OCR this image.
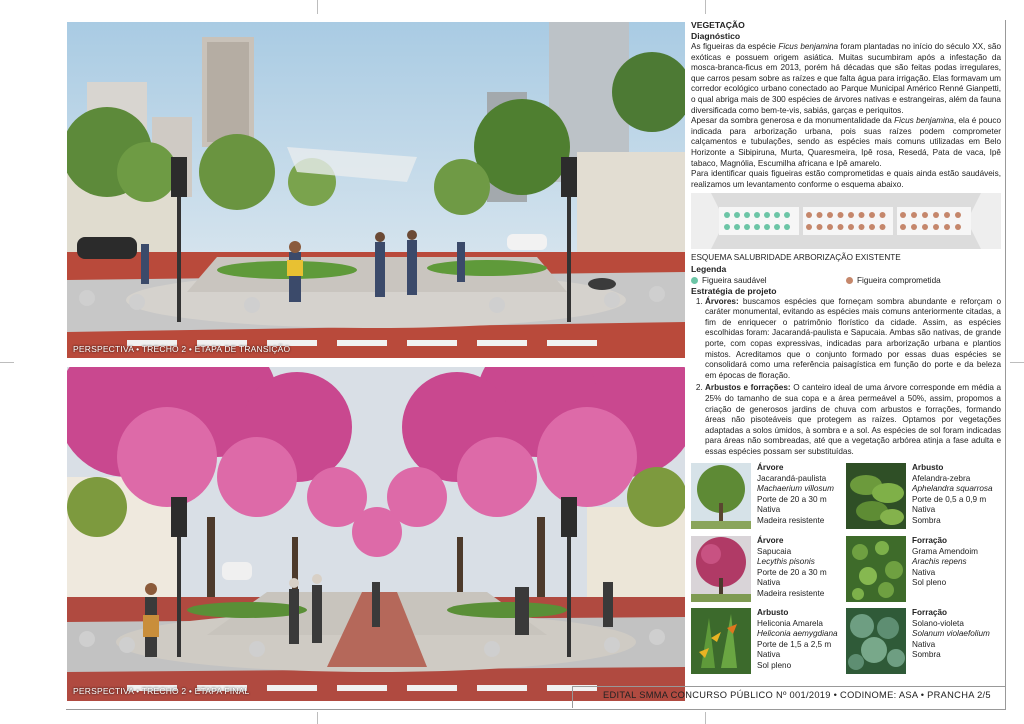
PERSPECTIVA • TRECHO 2 • ETAPA DE TRANSIÇÃO
PERSPECTIVA • TRECHO 2 • ETAPA FINAL
VEGETAÇÃO
Diagnóstico

As figueiras da espécie Ficus benjamina foram plantadas no início do século XX, são exóticas e possuem origem asiática. Muitas sucumbiram após a infestação da mosca-branca-ficus em 2013, porém há décadas que são feitas podas irregulares, que carros pesam sobre as raízes e que falta água para irrigação. Elas formavam um corredor ecológico urbano conectado ao Parque Municipal Américo Renné Gianpetti, o qual abriga mais de 300 espécies de árvores nativas e estrangeiras, além da fauna diversificada como bem-te-vis, sabiás, garças e periquitos.

Apesar da sombra generosa e da monumentalidade da Ficus benjamina, ela é pouco indicada para arborização urbana, pois suas raízes podem comprometer calçamentos e tubulações, sendo as espécies mais comuns utilizadas em Belo Horizonte a Sibipiruna, Murta, Quaresmeira, Ipê rosa, Resedá, Pata de vaca, Ipê tabaco, Magnólia, Escumilha africana e Ipê amarelo.

Para identificar quais figueiras estão comprometidas e quais ainda estão saudáveis, realizamos um levantamento conforme o esquema abaixo.

ESQUEMA SALUBRIDADE ARBORIZAÇÃO EXISTENTE
Legenda
Figueira saudável	Figueira comprometida
Estratégia de projeto
1. Árvores: buscamos espécies que forneçam sombra abundante e reforçam o caráter monumental, evitando as espécies mais comuns anteriormente citadas, a fim de enriquecer o patrimônio florístico da cidade. Assim, as espécies escolhidas foram: Jacarandá-paulista e Sapucaia. Ambas são nativas, de grande porte, com copas expressivas, indicadas para arborização urbana e plantios mistos. Acreditamos que o conjunto formado por essas duas espécies se consolidará como uma referência paisagística em função do porte e da beleza em épocas de floração.
2. Arbustos e forrações: O canteiro ideal de uma árvore corresponde em média a 25% do tamanho de sua copa e a área permeável a 50%, assim, propomos a criação de generosos jardins de chuva com arbustos e forrações, formando áreas não pisoteáveis que protegem as raízes. Optamos por vegetações adaptadas a solos úmidos, à sombra e a sol. As espécies de sol foram indicadas para áreas não sombreadas, até que a vegetação arbórea atinja a fase adulta e essas espécies possam ser substituídas.
Árvore
Jacarandá-paulista
Machaerium villosum
Porte de 20 a 30 m
Nativa
Madeira resistente
Arbusto
Afelandra-zebra
Aphelandra squarrosa
Porte de 0,5 a 0,9 m
Nativa
Sombra
Árvore
Sapucaia
Lecythis pisonis
Porte de 20 a 30 m
Nativa
Madeira resistente
Forração
Grama Amendoim
Arachis repens
Nativa
Sol pleno
Arbusto
Heliconia Amarela
Heliconia aemygdiana
Porte de 1,5 a 2,5 m
Nativa
Sol pleno
Forração
Solano-violeta
Solanum violaefolium
Nativa
Sombra
EDITAL SMMA CONCURSO PÚBLICO Nº 001/2019 • CODINOME: ASA • PRANCHA 2/5
